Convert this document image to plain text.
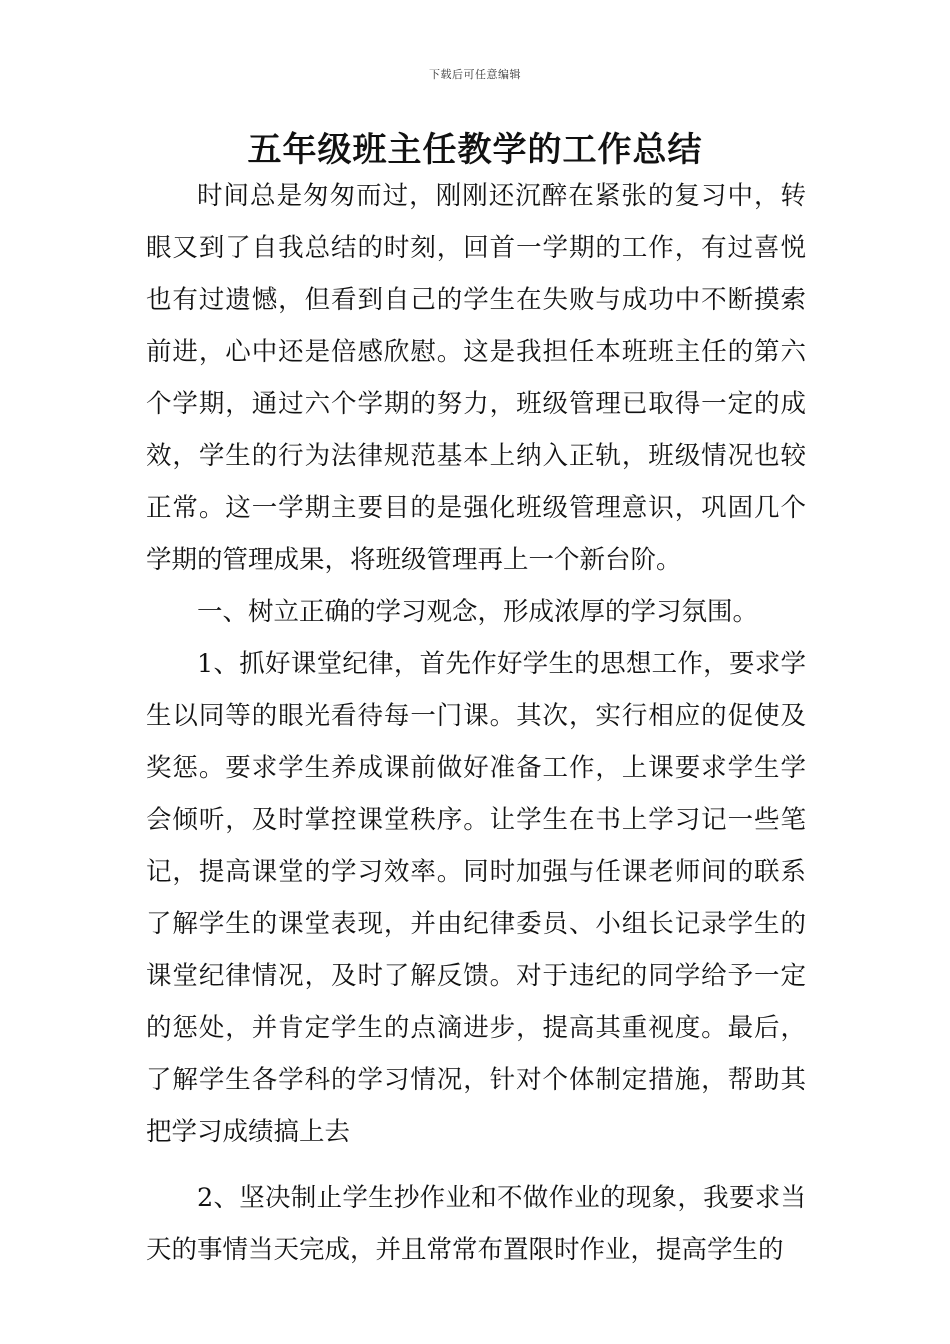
下载后可任意编辑
五年级班主任教学的工作总结

时间总是匆匆而过，刚刚还沉醉在紧张的复习中，转眼又到了自我总结的时刻，回首一学期的工作，有过喜悦也有过遗憾，但看到自己的学生在失败与成功中不断摸索前进，心中还是倍感欣慰。这是我担任本班班主任的第六个学期，通过六个学期的努力，班级管理已取得一定的成效，学生的行为法律规范基本上纳入正轨，班级情况也较正常。这一学期主要目的是强化班级管理意识，巩固几个学期的管理成果，将班级管理再上一个新台阶。

一、树立正确的学习观念，形成浓厚的学习氛围。

1、抓好课堂纪律，首先作好学生的思想工作，要求学生以同等的眼光看待每一门课。其次，实行相应的促使及奖惩。要求学生养成课前做好准备工作，上课要求学生学会倾听，及时掌控课堂秩序。让学生在书上学习记一些笔记，提高课堂的学习效率。同时加强与任课老师间的联系了解学生的课堂表现，并由纪律委员、小组长记录学生的课堂纪律情况，及时了解反馈。对于违纪的同学给予一定的惩处，并肯定学生的点滴进步，提高其重视度。最后，了解学生各学科的学习情况，针对个体制定措施，帮助其把学习成绩搞上去

2、坚决制止学生抄作业和不做作业的现象，我要求当天的事情当天完成，并且常常布置限时作业，提高学生的
